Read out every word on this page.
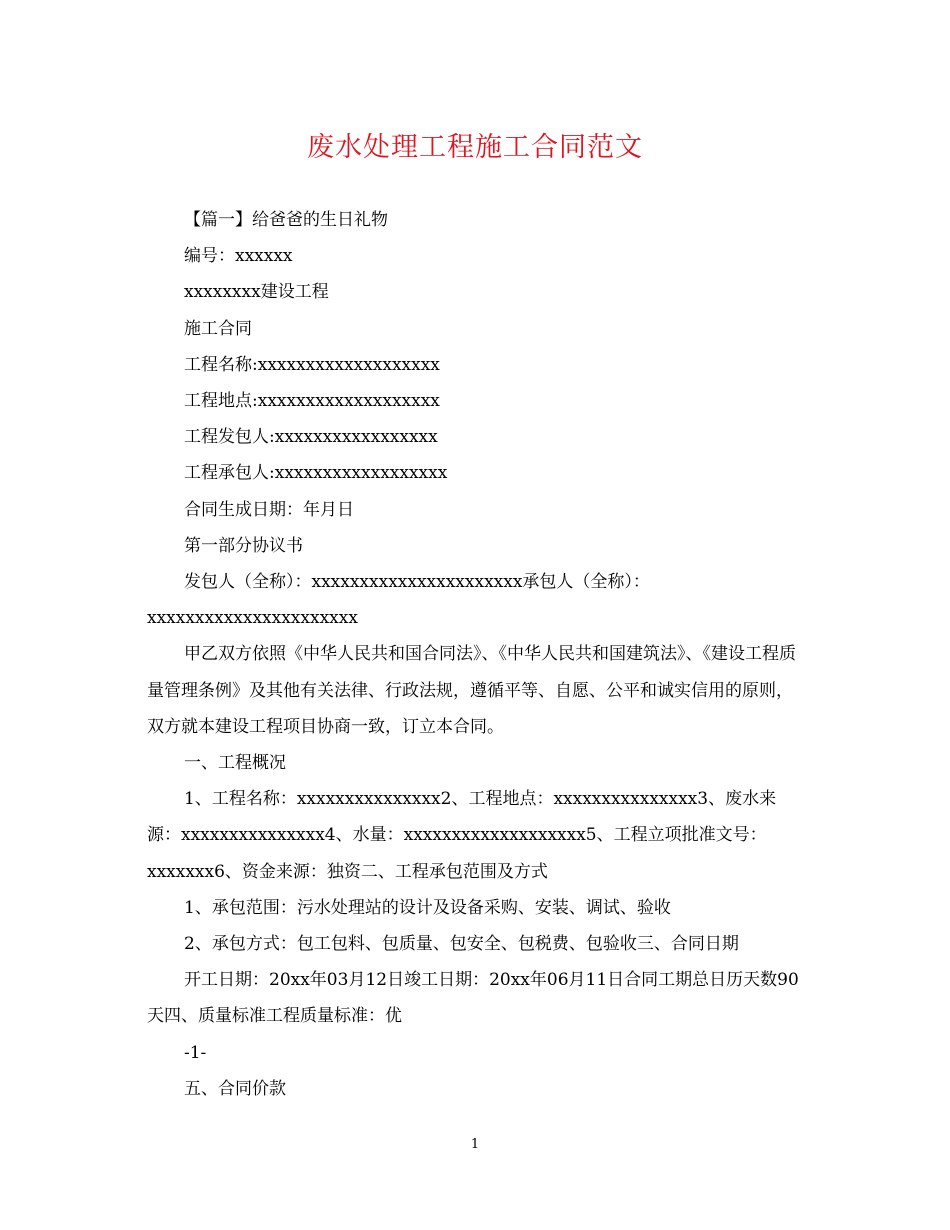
废水处理工程施工合同范文

【篇一】给爸爸的生日礼物

编号：xxxxxx

xxxxxxxx建设工程

施工合同

工程名称:xxxxxxxxxxxxxxxxxxx

工程地点:xxxxxxxxxxxxxxxxxxx

工程发包人:xxxxxxxxxxxxxxxxx

工程承包人:xxxxxxxxxxxxxxxxxx

合同生成日期：年月日

第一部分协议书

发包人（全称）：xxxxxxxxxxxxxxxxxxxxxx承包人（全称）：xxxxxxxxxxxxxxxxxxxxxx

甲乙双方依照《中华人民共和国合同法》、《中华人民共和国建筑法》、《建设工程质量管理条例》及其他有关法律、行政法规，遵循平等、自愿、公平和诚实信用的原则，双方就本建设工程项目协商一致，订立本合同。

一、工程概况

1、工程名称：xxxxxxxxxxxxxxx2、工程地点：xxxxxxxxxxxxxxx3、废水来源：xxxxxxxxxxxxxxx4、水量：xxxxxxxxxxxxxxxxxxx5、工程立项批准文号：xxxxxxx6、资金来源：独资二、工程承包范围及方式

1、承包范围：污水处理站的设计及设备采购、安装、调试、验收

2、承包方式：包工包料、包质量、包安全、包税费、包验收三、合同日期

开工日期：20xx年03月12日竣工日期：20xx年06月11日合同工期总日历天数90天四、质量标准工程质量标准：优

-1-

五、合同价款

1
